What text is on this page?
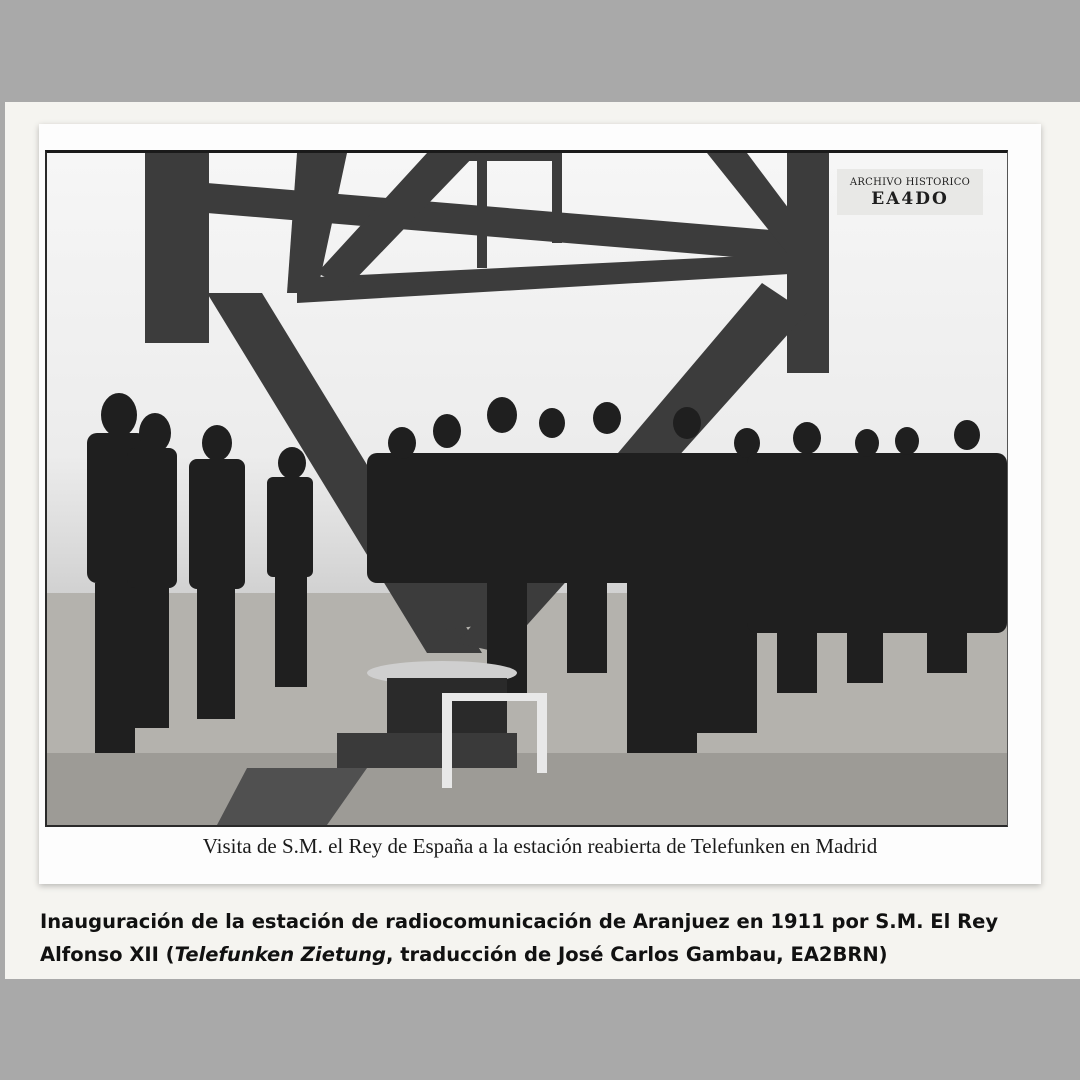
ARCHIVO HISTORICO
EA4DO
Visita de S.M. el Rey de España a la estación reabierta de Telefunken en Madrid
Inauguración de la estación de radiocomunicación de Aranjuez en 1911 por S.M. El Rey Alfonso XII (Telefunken Zietung, traducción de José Carlos Gambau, EA2BRN)
